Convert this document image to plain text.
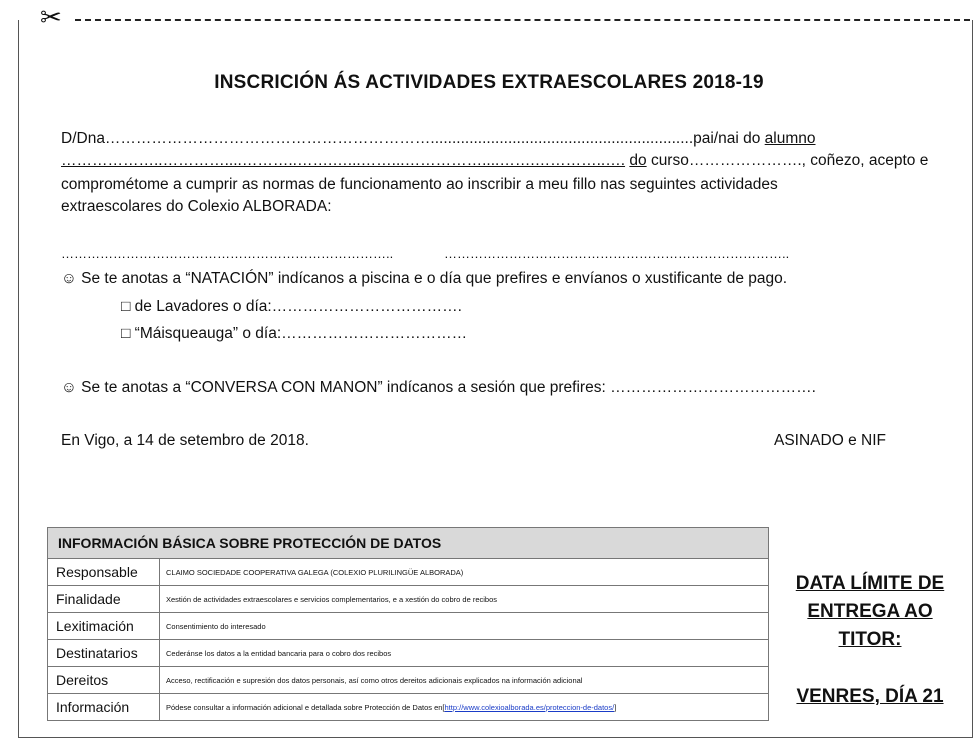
✂
INSCRICIÓN ÁS ACTIVIDADES EXTRAESCOLARES 2018-19
D/Dna……………………………………………………….............................................................pai/nai do alumno
………………..…………....………..…….…...……...……………....…….…………..…. do curso…………………., coñezo, acepto e
comprométome a cumprir as normas de funcionamento ao inscribir a meu fillo nas seguintes actividades
extraescolares do Colexio ALBORADA:
…………………………………………………………………..	……………………………………………………………………..
☺ Se te anotas a “NATACIÓN” indícanos a piscina e o día que prefires e envíanos o xustificante de pago.
□ de Lavadores o día:……………………………….
□ “Máisqueauga” o día:………………………………
☺ Se te anotas a “CONVERSA CON MANON” indícanos a sesión que prefires: ………………………………….
En Vigo, a 14 de setembro de 2018.	ASINADO e NIF
INFORMACIÓN BÁSICA SOBRE PROTECCIÓN DE DATOS	
Responsable	CLAIMO SOCIEDADE COOPERATIVA GALEGA (COLEXIO PLURILINGÜE ALBORADA)
Finalidade	Xestión de actividades extraescolares e servicios complementarios, e a xestión do cobro de recibos
Lexitimación	Consentimiento do interesado
Destinatarios	Cederánse los datos a la entidad bancaria para o cobro dos recibos
Dereitos	Acceso, rectificación e supresión dos datos personais, así como otros dereitos adicionais explicados na información adicional
Información	Pódese consultar a información adicional e detallada sobre Protección de Datos en[http://www.colexioalborada.es/proteccion-de-datos/]
DATA LÍMITE DE
ENTREGA AO
TITOR:
VENRES, DÍA 21
